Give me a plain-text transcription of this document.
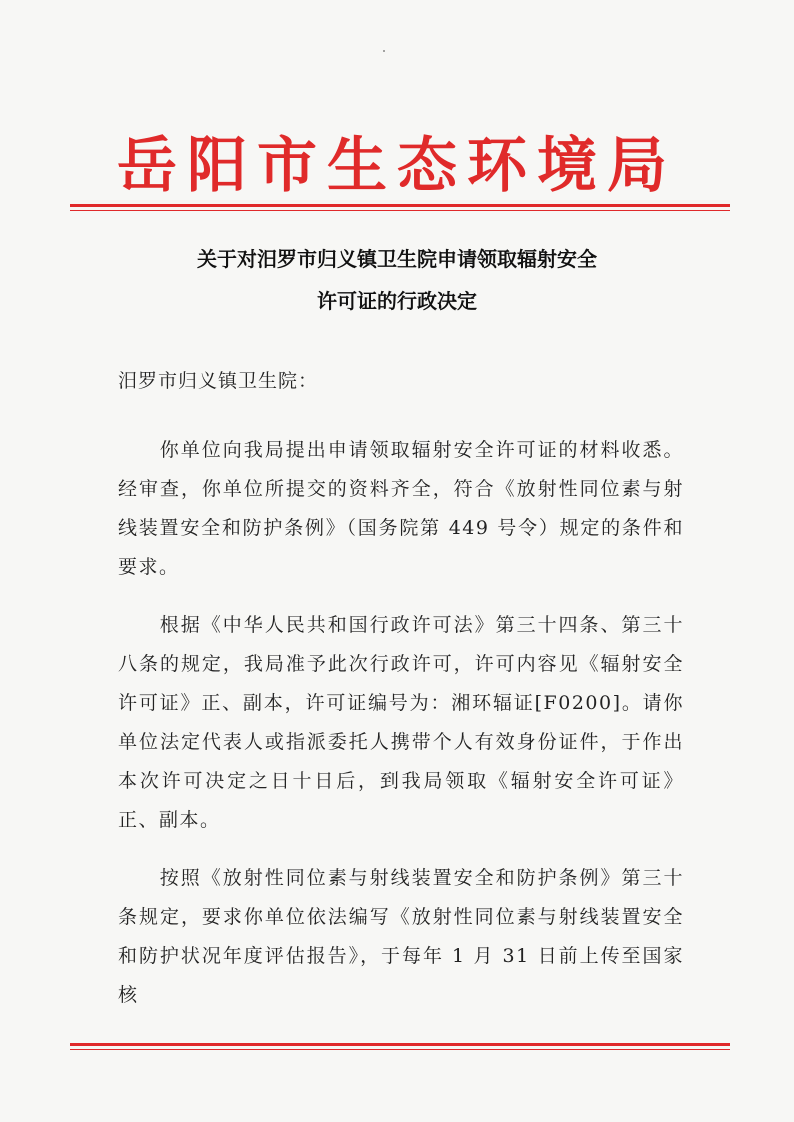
岳阳市生态环境局
关于对汨罗市归义镇卫生院申请领取辐射安全
许可证的行政决定
汨罗市归义镇卫生院：

你单位向我局提出申请领取辐射安全许可证的材料收悉。经审查，你单位所提交的资料齐全，符合《放射性同位素与射线装置安全和防护条例》（国务院第 449 号令）规定的条件和要求。

根据《中华人民共和国行政许可法》第三十四条、第三十八条的规定，我局准予此次行政许可，许可内容见《辐射安全许可证》正、副本，许可证编号为：湘环辐证[F0200]。请你单位法定代表人或指派委托人携带个人有效身份证件，于作出本次许可决定之日十日后，到我局领取《辐射安全许可证》正、副本。

按照《放射性同位素与射线装置安全和防护条例》第三十条规定，要求你单位依法编写《放射性同位素与射线装置安全和防护状况年度评估报告》，于每年 1 月 31 日前上传至国家核
